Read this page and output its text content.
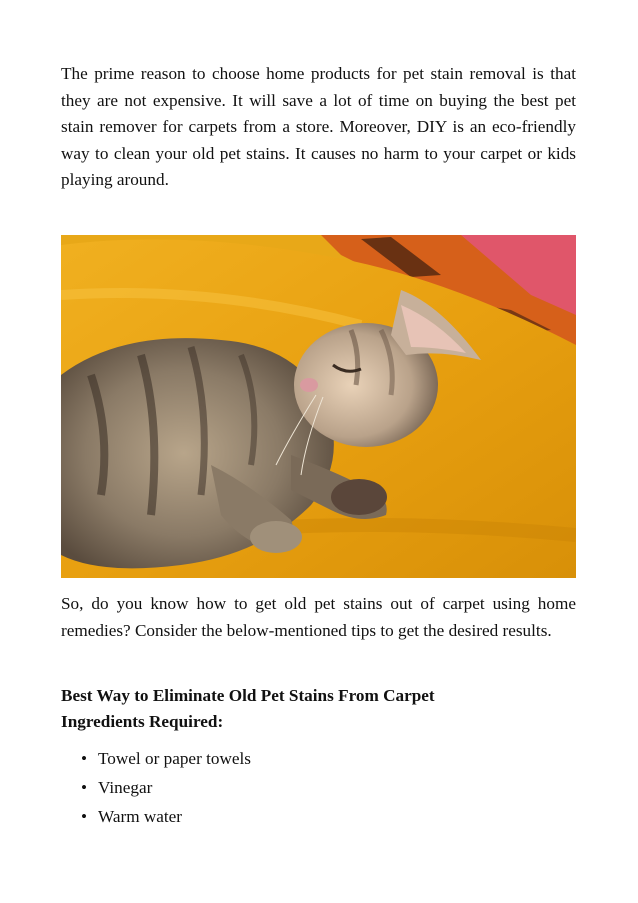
The prime reason to choose home products for pet stain removal is that they are not expensive. It will save a lot of time on buying the best pet stain remover for carpets from a store. Moreover, DIY is an eco-friendly way to clean your old pet stains. It causes no harm to your carpet or kids playing around.

So, do you know how to get old pet stains out of carpet using home remedies? Consider the below-mentioned tips to get the desired results.

Best Way to Eliminate Old Pet Stains From Carpet
Ingredients Required:
• Towel or paper towels
• Vinegar
• Warm water
